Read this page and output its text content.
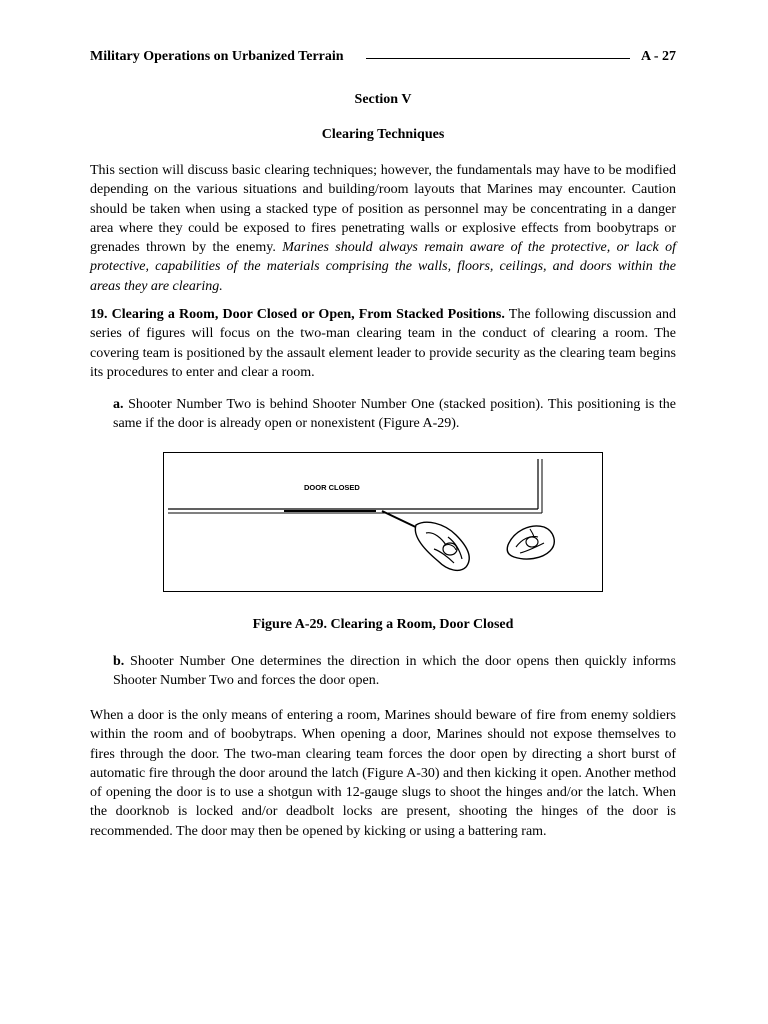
Military Operations on Urbanized Terrain	A - 27
Section V
Clearing Techniques
This section will discuss basic clearing techniques; however, the fundamentals may have to be modified depending on the various situations and building/room layouts that Marines may encounter. Caution should be taken when using a stacked type of position as personnel may be concentrating in a danger area where they could be exposed to fires penetrating walls or explosive effects from boobytraps or grenades thrown by the enemy. Marines should always remain aware of the protective, or lack of protective, capabilities of the materials comprising the walls, floors, ceilings, and doors within the areas they are clearing.
19. Clearing a Room, Door Closed or Open, From Stacked Positions. The following discussion and series of figures will focus on the two-man clearing team in the conduct of clearing a room. The covering team is positioned by the assault element leader to provide security as the clearing team begins its procedures to enter and clear a room.
a. Shooter Number Two is behind Shooter Number One (stacked position). This positioning is the same if the door is already open or nonexistent (Figure A-29).
DOOR CLOSED
Figure A-29. Clearing a Room, Door Closed
b. Shooter Number One determines the direction in which the door opens then quickly informs Shooter Number Two and forces the door open.
When a door is the only means of entering a room, Marines should beware of fire from enemy soldiers within the room and of boobytraps. When opening a door, Marines should not expose themselves to fires through the door. The two-man clearing team forces the door open by directing a short burst of automatic fire through the door around the latch (Figure A-30) and then kicking it open. Another method of opening the door is to use a shotgun with 12-gauge slugs to shoot the hinges and/or the latch. When the doorknob is locked and/or deadbolt locks are present, shooting the hinges of the door is recommended. The door may then be opened by kicking or using a battering ram.
